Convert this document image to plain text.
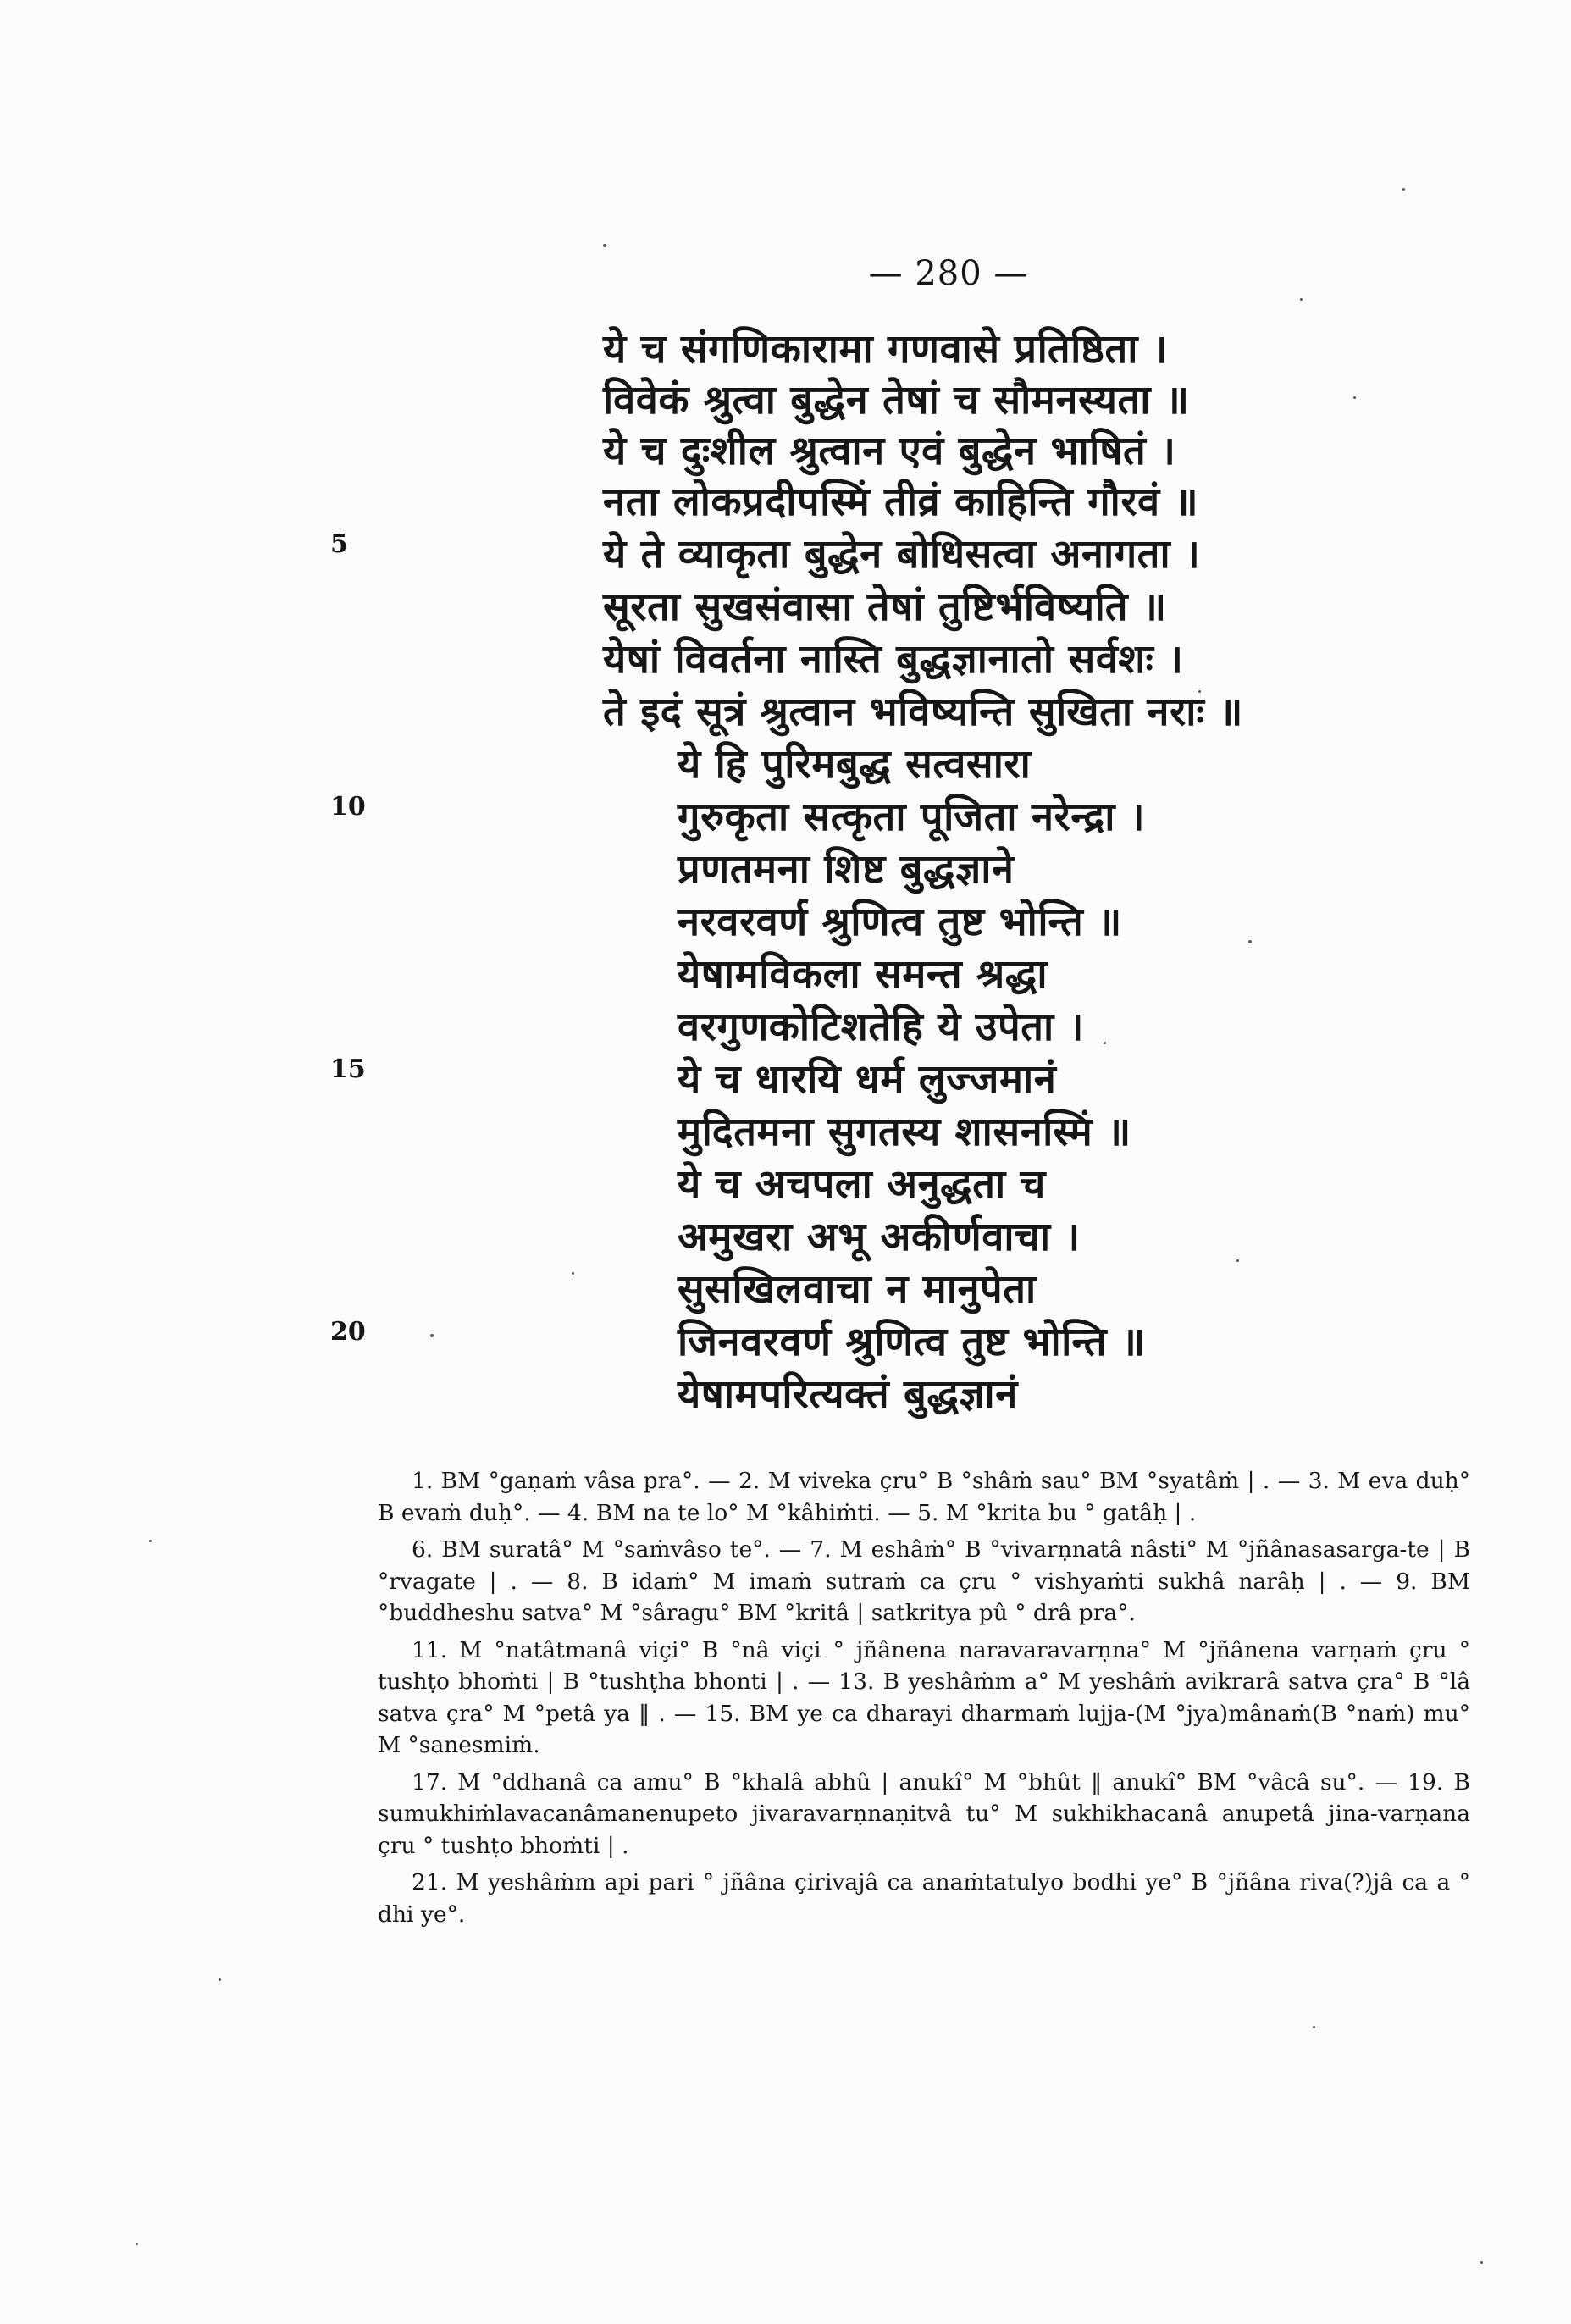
— 280 —
ये च संगणिकारामा गणवासे प्रतिष्ठिता ।
विवेकं श्रुत्वा बुद्धेन तेषां च सौमनस्यता ॥
ये च दुःशील श्रुत्वान एवं बुद्धेन भाषितं ।
नता लोकप्रदीपस्मिं तीव्रं काहिन्ति गौरवं ॥
ये ते व्याकृता बुद्धेन बोधिसत्वा अनागता ।
सूरता सुखसंवासा तेषां तुष्टिर्भविष्यति ॥
येषां विवर्तना नास्ति बुद्धज्ञानातो सर्वशः ।
ते इदं सूत्रं श्रुत्वान भविष्यन्ति सुखिता नराः ॥
ये हि पुरिमबुद्ध सत्वसारा
गुरुकृता सत्कृता पूजिता नरेन्द्रा ।
प्रणतमना शिष्ट बुद्धज्ञाने
नरवरवर्ण श्रुणित्व तुष्ट भोन्ति ॥
येषामविकला समन्त श्रद्धा
वरगुणकोटिशतेहि ये उपेता ।
ये च धारयि धर्म लुज्जमानं
मुदितमना सुगतस्य शासनस्मिं ॥
ये च अचपला अनुद्धता च
अमुखरा अभू अकीर्णवाचा ।
सुसखिलवाचा न मानुपेता
जिनवरवर्ण श्रुणित्व तुष्ट भोन्ति ॥
येषामपरित्यक्तं बुद्धज्ञानं
5
10
15
20

1. BM °gaṇaṁ vâsa pra°. — 2. M viveka çru° B °shâṁ sau° BM °syatâṁ | . — 3. M eva duḥ° B evaṁ duḥ°. — 4. BM na te lo° M °kâhiṁti. — 5. M °krita bu ° gatâḥ | .

6. BM suratâ° M °saṁvâso te°. — 7. M eshâṁ° B °vivarṇnatâ nâsti° M °jñânasasarga-te | B °rvagate | . — 8. B idaṁ° M imaṁ sutraṁ ca çru ° vishyaṁti sukhâ narâḥ | . — 9. BM °buddheshu satva° M °sâragu° BM °kritâ | satkritya pû ° drâ pra°.

11. M °natâtmanâ viçi° B °nâ viçi ° jñânena naravaravarṇna° M °jñânena varṇaṁ çru ° tushṭo bhoṁti | B °tushṭha bhonti | . — 13. B yeshâṁm a° M yeshâṁ avikrarâ satva çra° B °lâ satva çra° M °petâ ya ‖ . — 15. BM ye ca dharayi dharmaṁ lujja-(M °jya)mânaṁ(B °naṁ) mu° M °sanesmiṁ.

17. M °ddhanâ ca amu° B °khalâ abhû | anukî° M °bhût ‖ anukî° BM °vâcâ su°. — 19. B sumukhiṁlavacanâmanenupeto jivaravarṇnaṇitvâ tu° M sukhikhacanâ anupetâ jina-varṇana çru ° tushṭo bhoṁti | .

21. M yeshâṁm api pari ° jñâna çirivajâ ca anaṁtatulyo bodhi ye° B °jñâna riva(?)jâ ca a ° dhi ye°.
